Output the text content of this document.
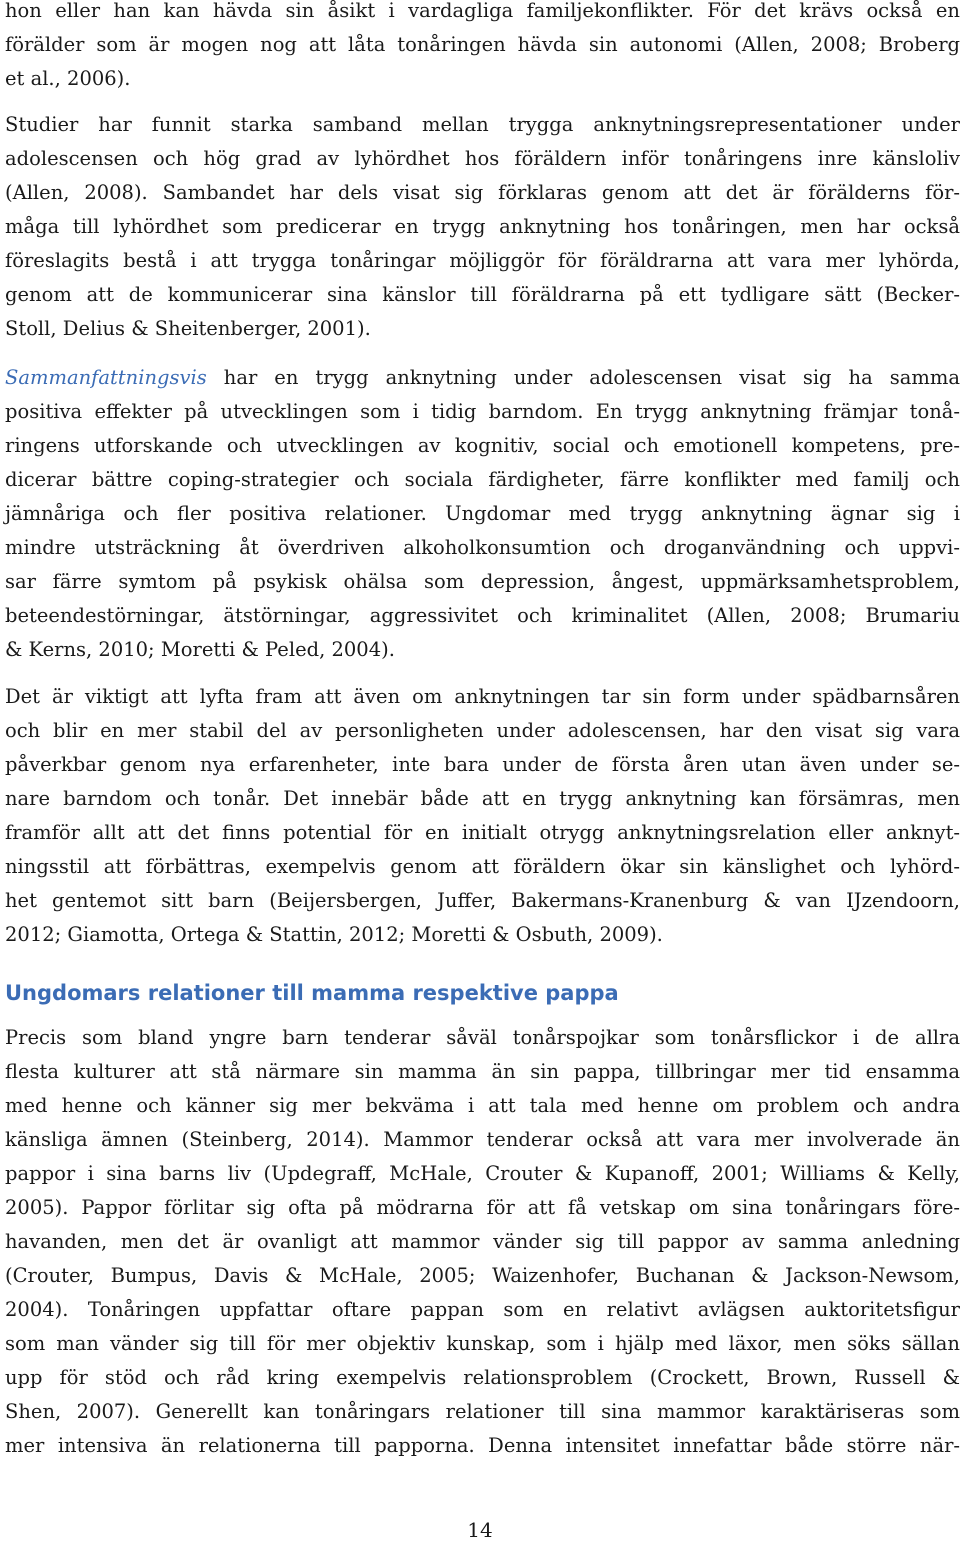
hon eller han kan hävda sin åsikt i vardagliga familjekonflikter. För det krävs också en
förälder som är mogen nog att låta tonåringen hävda sin autonomi (Allen, 2008; Broberg
et al., 2006).
Studier har funnit starka samband mellan trygga anknytningsrepresentationer under
adolescensen och hög grad av lyhördhet hos föräldern inför tonåringens inre känsloliv
(Allen, 2008). Sambandet har dels visat sig förklaras genom att det är förälderns för-
måga till lyhördhet som predicerar en trygg anknytning hos tonåringen, men har också
föreslagits bestå i att trygga tonåringar möjliggör för föräldrarna att vara mer lyhörda,
genom att de kommunicerar sina känslor till föräldrarna på ett tydligare sätt (Becker-
Stoll, Delius & Sheitenberger, 2001).
Sammanfattningsvis har en trygg anknytning under adolescensen visat sig ha samma
positiva effekter på utvecklingen som i tidig barndom. En trygg anknytning främjar tonå-
ringens utforskande och utvecklingen av kognitiv, social och emotionell kompetens, pre-
dicerar bättre coping-strategier och sociala färdigheter, färre konflikter med familj och
jämnåriga och fler positiva relationer. Ungdomar med trygg anknytning ägnar sig i
mindre utsträckning åt överdriven alkoholkonsumtion och droganvändning och uppvi-
sar färre symtom på psykisk ohälsa som depression, ångest, uppmärksamhetsproblem,
beteendestörningar, ätstörningar, aggressivitet och kriminalitet (Allen, 2008; Brumariu
& Kerns, 2010; Moretti & Peled, 2004).
Det är viktigt att lyfta fram att även om anknytningen tar sin form under spädbarnsåren
och blir en mer stabil del av personligheten under adolescensen, har den visat sig vara
påverkbar genom nya erfarenheter, inte bara under de första åren utan även under se-
nare barndom och tonår. Det innebär både att en trygg anknytning kan försämras, men
framför allt att det finns potential för en initialt otrygg anknytningsrelation eller anknyt-
ningsstil att förbättras, exempelvis genom att föräldern ökar sin känslighet och lyhörd-
het gentemot sitt barn (Beijersbergen, Juffer, Bakermans-Kranenburg & van IJzendoorn,
2012; Giamotta, Ortega & Stattin, 2012; Moretti & Osbuth, 2009).
Ungdomars relationer till mamma respektive pappa
Precis som bland yngre barn tenderar såväl tonårspojkar som tonårsflickor i de allra
flesta kulturer att stå närmare sin mamma än sin pappa, tillbringar mer tid ensamma
med henne och känner sig mer bekväma i att tala med henne om problem och andra
känsliga ämnen (Steinberg, 2014). Mammor tenderar också att vara mer involverade än
pappor i sina barns liv (Updegraff, McHale, Crouter & Kupanoff, 2001; Williams & Kelly,
2005). Pappor förlitar sig ofta på mödrarna för att få vetskap om sina tonåringars före-
havanden, men det är ovanligt att mammor vänder sig till pappor av samma anledning
(Crouter, Bumpus, Davis & McHale, 2005; Waizenhofer, Buchanan & Jackson-Newsom,
2004). Tonåringen uppfattar oftare pappan som en relativt avlägsen auktoritetsfigur
som man vänder sig till för mer objektiv kunskap, som i hjälp med läxor, men söks sällan
upp för stöd och råd kring exempelvis relationsproblem (Crockett, Brown, Russell &
Shen, 2007). Generellt kan tonåringars relationer till sina mammor karaktäriseras som
mer intensiva än relationerna till papporna. Denna intensitet innefattar både större när-
14
